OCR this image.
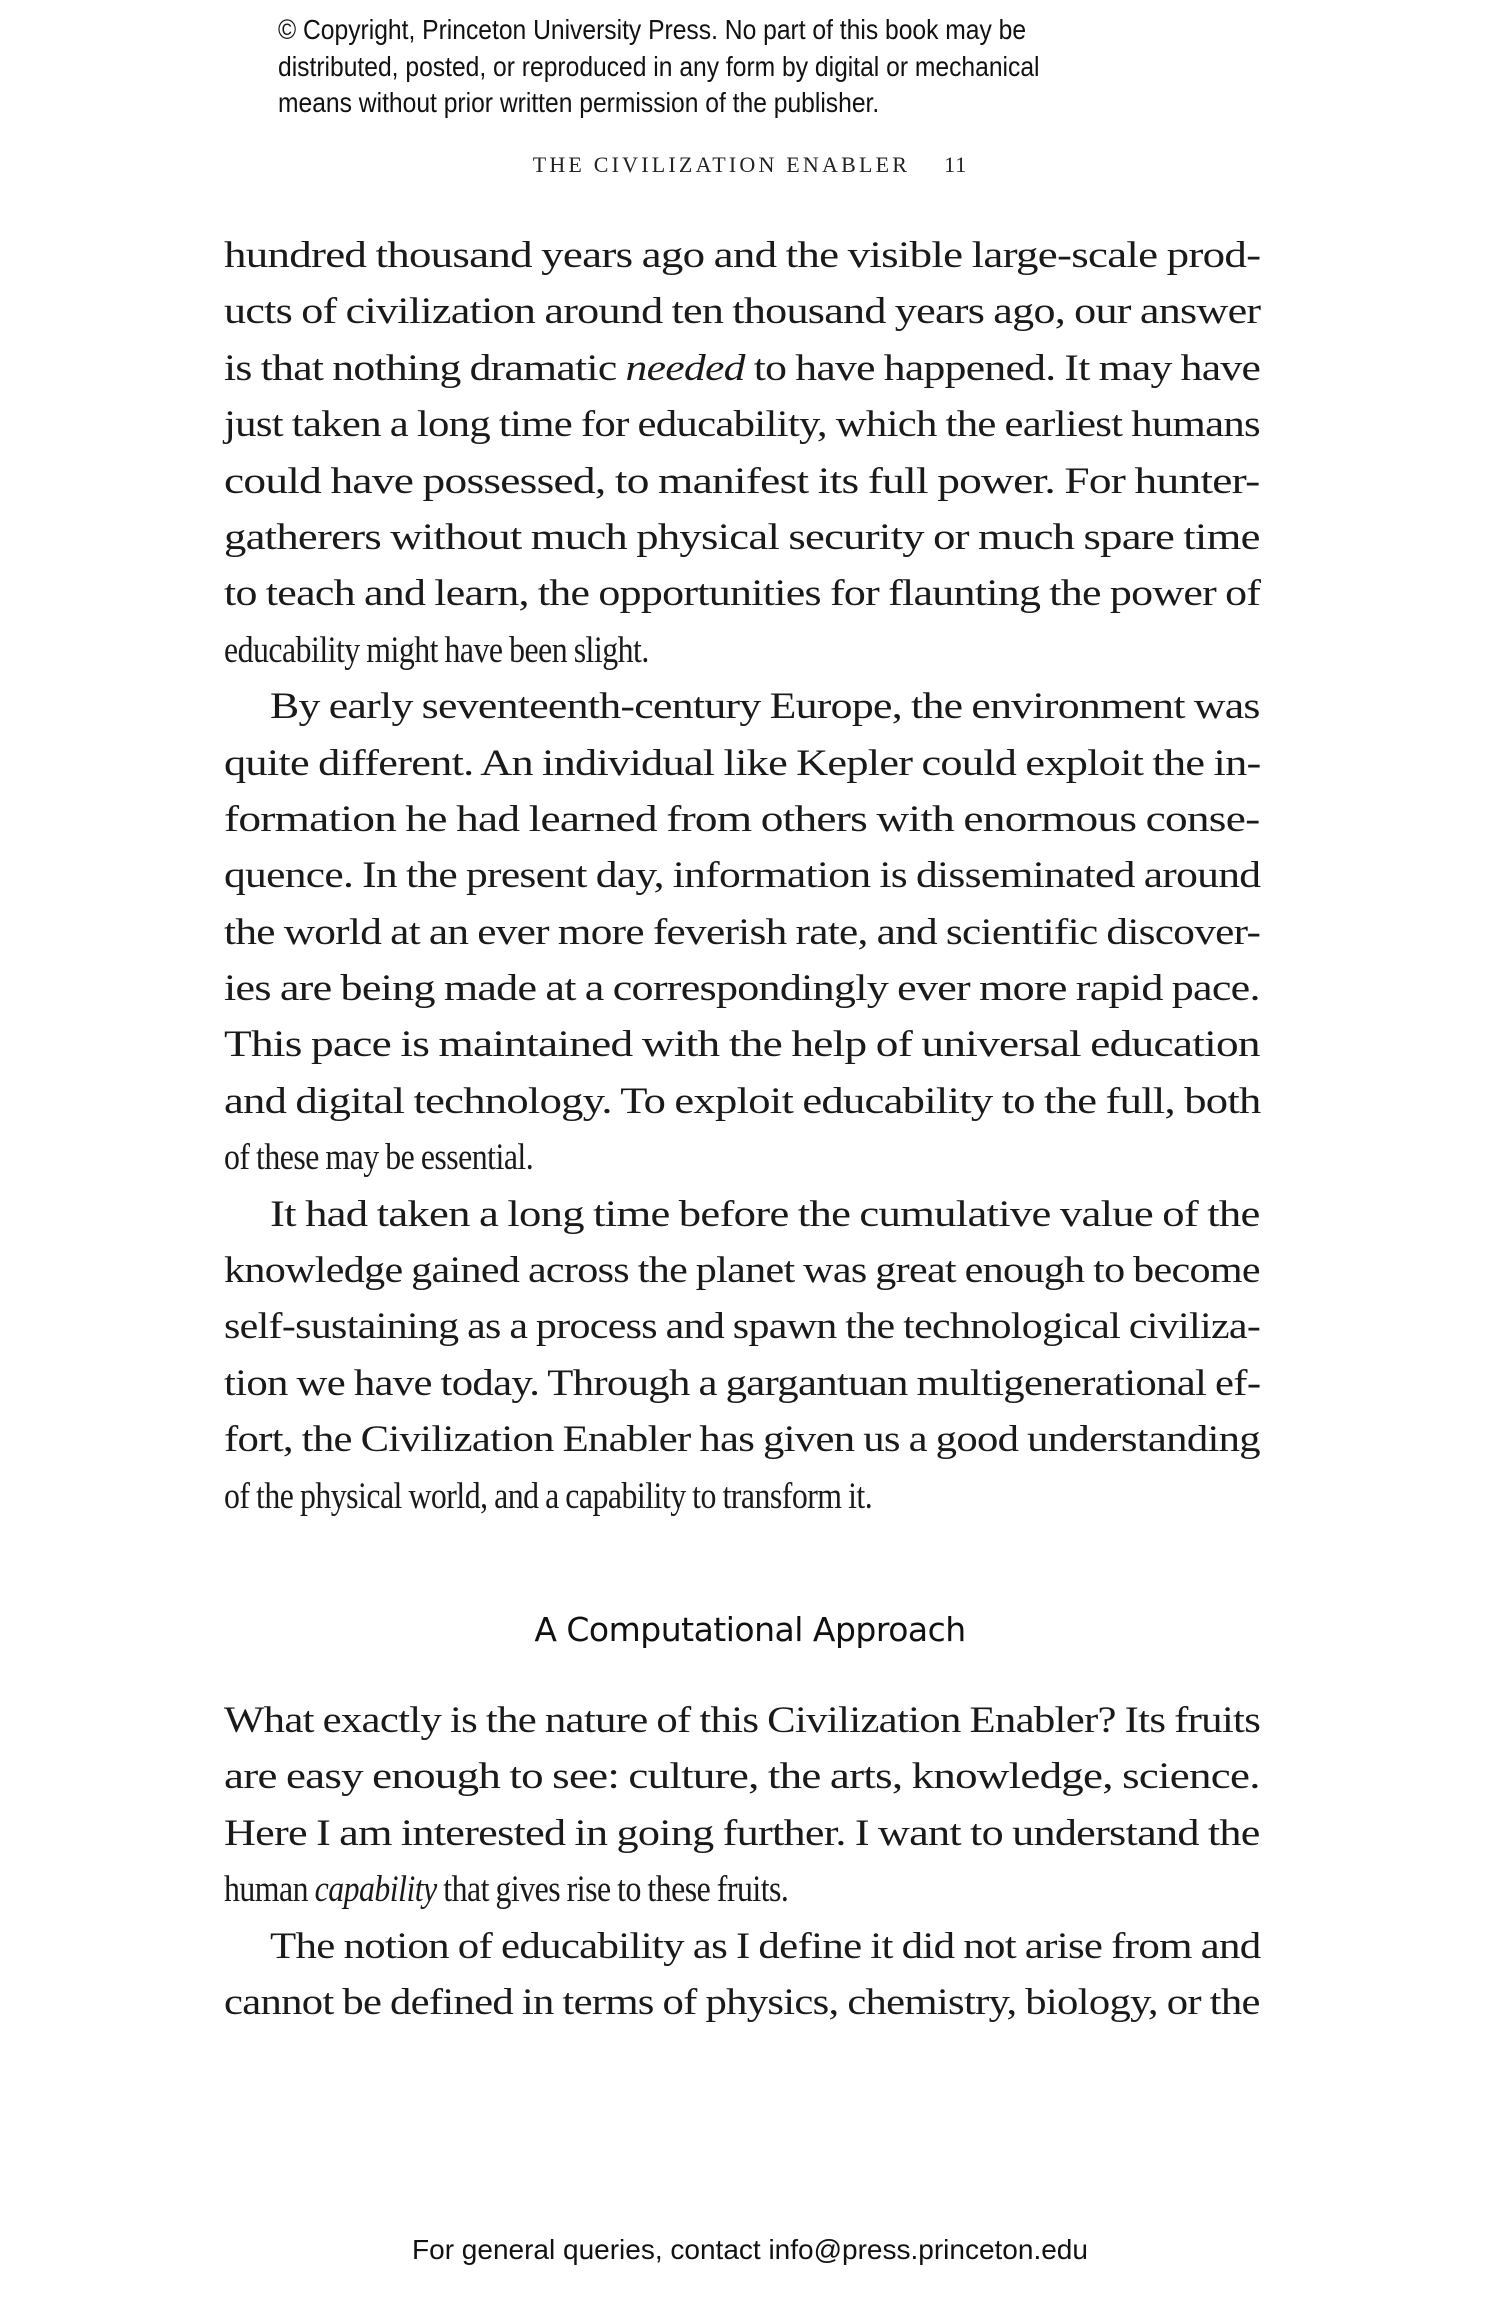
© Copyright, Princeton University Press. No part of this book may be
distributed, posted, or reproduced in any form by digital or mechanical
means without prior written permission of the publisher.
THE CIVILIZATION ENABLER 11
hundred thousand years ago and the visible large-scale prod-
ucts of civilization around ten thousand years ago, our answer
is that nothing dramatic needed to have happened. It may have
just taken a long time for educability, which the earliest humans
could have possessed, to manifest its full power. For hunter-
gatherers without much physical security or much spare time
to teach and learn, the opportunities for flaunting the power of
educability might have been slight.
By early seventeenth-century Europe, the environment was
quite different. An individual like Kepler could exploit the in-
formation he had learned from others with enormous conse-
quence. In the present day, information is disseminated around
the world at an ever more feverish rate, and scientific discover-
ies are being made at a correspondingly ever more rapid pace.
This pace is maintained with the help of universal education
and digital technology. To exploit educability to the full, both
of these may be essential.
It had taken a long time before the cumulative value of the
knowledge gained across the planet was great enough to become
self-sustaining as a process and spawn the technological civiliza-
tion we have today. Through a gargantuan multigenerational ef-
fort, the Civilization Enabler has given us a good understanding
of the physical world, and a capability to transform it.
A Computational Approach
What exactly is the nature of this Civilization Enabler? Its fruits
are easy enough to see: culture, the arts, knowledge, science.
Here I am interested in going further. I want to understand the
human capability that gives rise to these fruits.
The notion of educability as I define it did not arise from and
cannot be defined in terms of physics, chemistry, biology, or the
For general queries, contact info@press.princeton.edu
